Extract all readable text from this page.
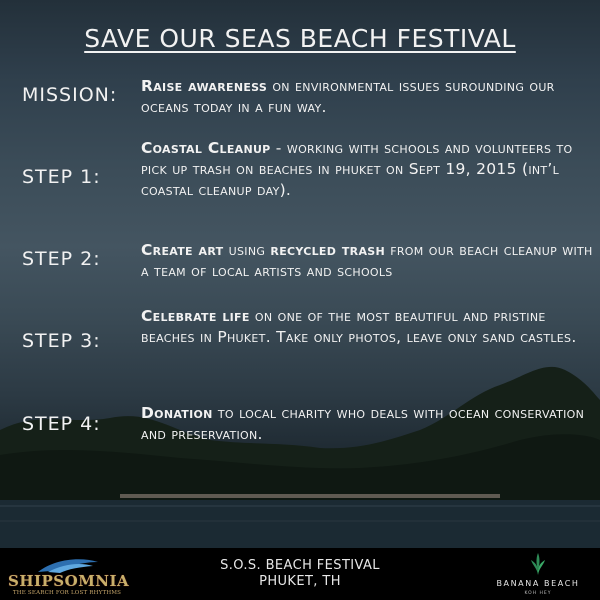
SAVE OUR SEAS BEACH FESTIVAL
MISSION: Raise awareness on environmental issues surounding our oceans today in a fun way.
STEP 1:
Coastal Cleanup - working with schools and volunteers to pick up trash on beaches in phuket on Sept 19, 2015 (int’l coastal cleanup day).
STEP 2:	Create art using recycled trash from our beach cleanup with a team of local artists and schools
STEP 3:
Celebrate life on one of the most beautiful and pristine beaches in Phuket. Take only photos, leave only sand castles.
STEP 4:	Donation to local charity who deals with ocean conservation and preservation.
SHIPSOMNIA
THE SEARCH FOR LOST RHYTHMS
S.O.S. BEACH FESTIVAL
PHUKET, TH	BANANA BEACH
KOH HEY
